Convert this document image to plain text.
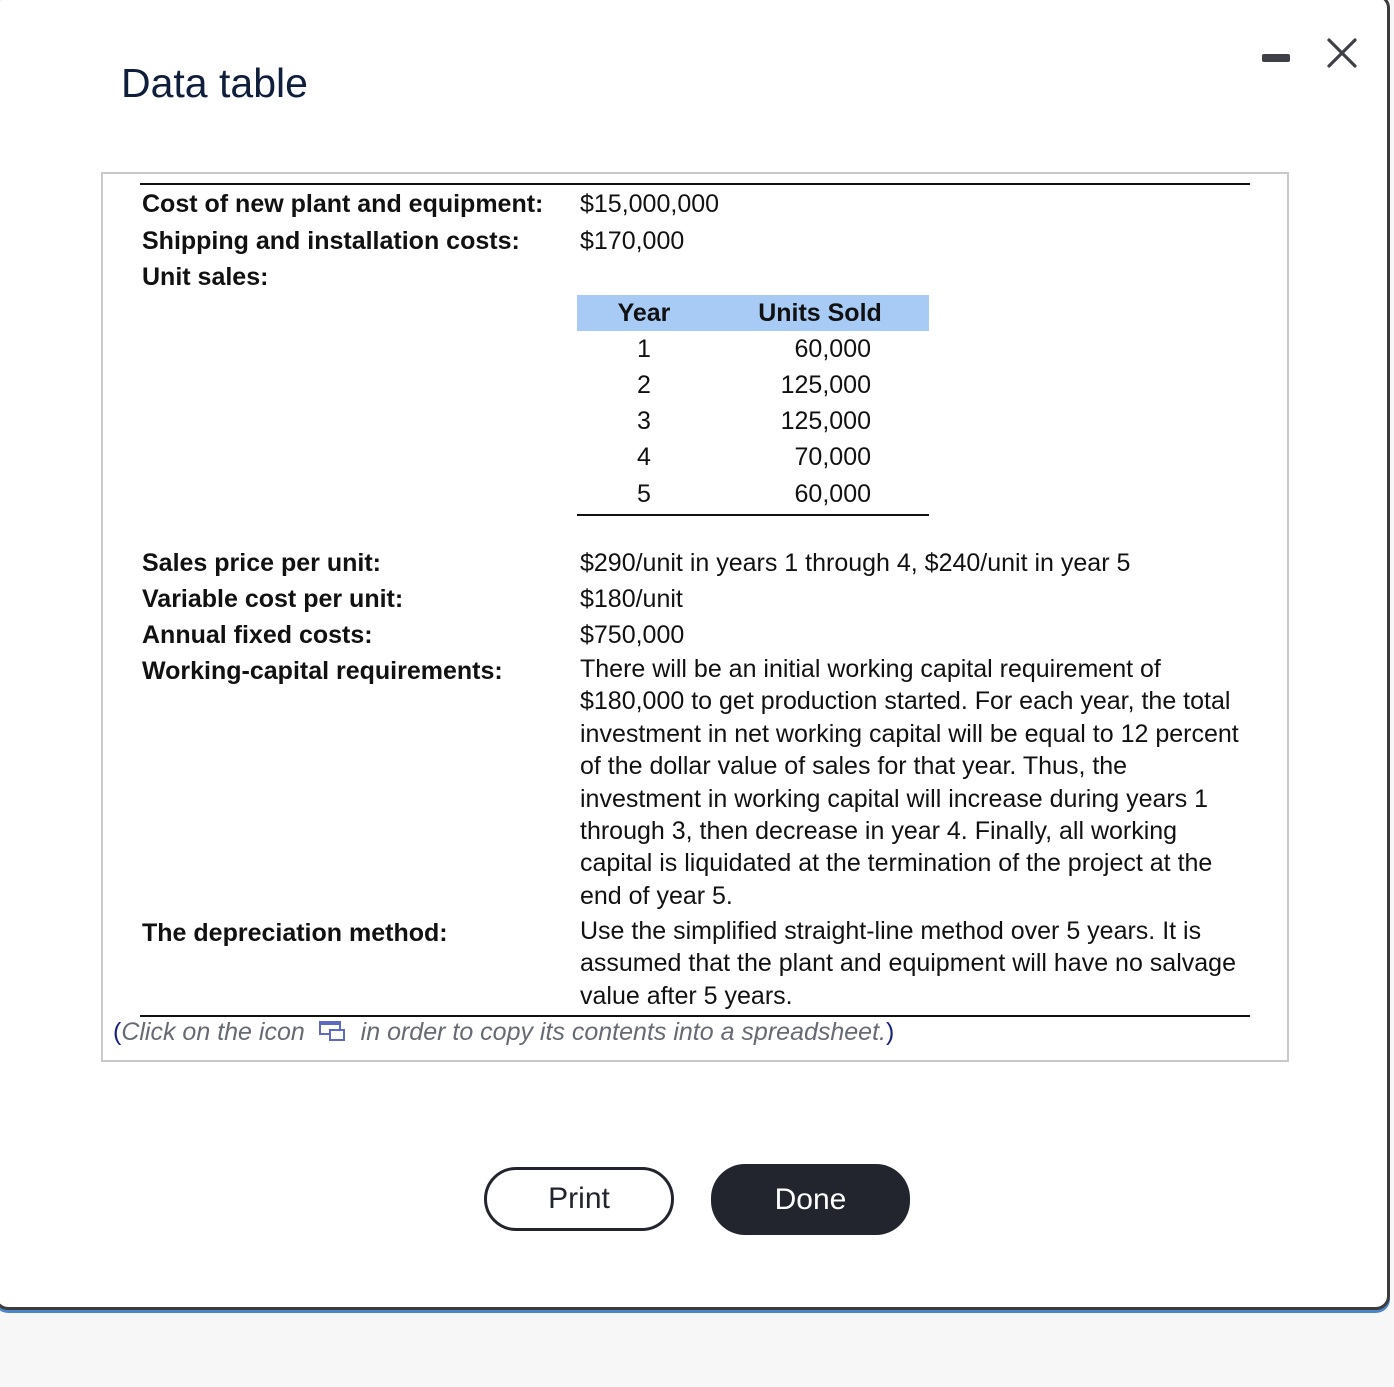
Data table
Cost of new plant and equipment: $15,000,000
Shipping and installation costs: $170,000
Unit sales:
Year	Units Sold
1	60,000
2	125,000
3	125,000
4	70,000
5	60,000
Sales price per unit:	$290/unit in years 1 through 4, $240/unit in year 5
Variable cost per unit:	$180/unit
Annual fixed costs:	$750,000
Working-capital requirements:	There will be an initial working capital requirement of $180,000 to get production started. For each year, the total investment in net working capital will be equal to 12 percent of the dollar value of sales for that year. Thus, the investment in working capital will increase during years 1 through 3, then decrease in year 4. Finally, all working capital is liquidated at the termination of the project at the end of year 5.
The depreciation method:	Use the simplified straight-line method over 5 years. It is assumed that the plant and equipment will have no salvage value after 5 years.
(Click on the icon in order to copy its contents into a spreadsheet.)
Print	Done
